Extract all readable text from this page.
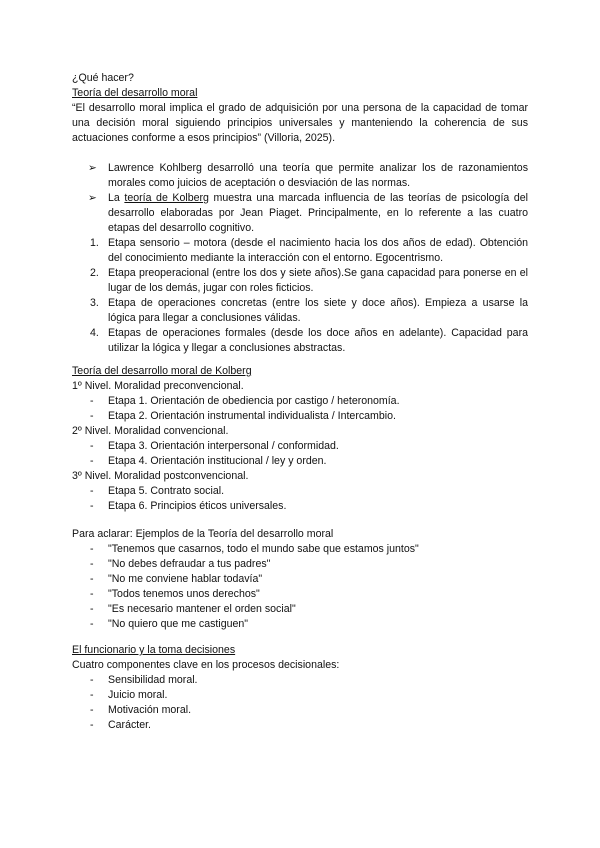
¿Qué hacer?

Teoría del desarrollo moral

“El desarrollo moral implica el grado de adquisición por una persona de la capacidad de tomar una decisión moral siguiendo principios universales y manteniendo la coherencia de sus actuaciones conforme a esos principios” (Villoria, 2025).

➢ Lawrence Kohlberg desarrolló una teoría que permite analizar los de razonamientos morales como juicios de aceptación o desviación de las normas.
➢ La teoría de Kolberg muestra una marcada influencia de las teorías de psicología del desarrollo elaboradas por Jean Piaget. Principalmente, en lo referente a las cuatro etapas del desarrollo cognitivo.
1. Etapa sensorio – motora (desde el nacimiento hacia los dos años de edad). Obtención del conocimiento mediante la interacción con el entorno. Egocentrismo.
2. Etapa preoperacional (entre los dos y siete años).Se gana capacidad para ponerse en el lugar de los demás, jugar con roles ficticios.
3. Etapa de operaciones concretas (entre los siete y doce años). Empieza a usarse la lógica para llegar a conclusiones válidas.
4. Etapas de operaciones formales (desde los doce años en adelante). Capacidad para utilizar la lógica y llegar a conclusiones abstractas.

Teoría del desarrollo moral de Kolberg

1º Nivel. Moralidad preconvencional.

- Etapa 1. Orientación de obediencia por castigo / heteronomía.
- Etapa 2. Orientación instrumental individualista / Intercambio.

2º Nivel. Moralidad convencional.

- Etapa 3. Orientación interpersonal / conformidad.
- Etapa 4. Orientación institucional / ley y orden.

3º Nivel. Moralidad postconvencional.

- Etapa 5. Contrato social.
- Etapa 6. Principios éticos universales.

Para aclarar: Ejemplos de la Teoría del desarrollo moral

- "Tenemos que casarnos, todo el mundo sabe que estamos juntos"
- "No debes defraudar a tus padres"
- "No me conviene hablar todavía"
- "Todos tenemos unos derechos"
- "Es necesario mantener el orden social"
- "No quiero que me castiguen"

El funcionario y la toma decisiones

Cuatro componentes clave en los procesos decisionales:

- Sensibilidad moral.
- Juicio moral.
- Motivación moral.
- Carácter.
